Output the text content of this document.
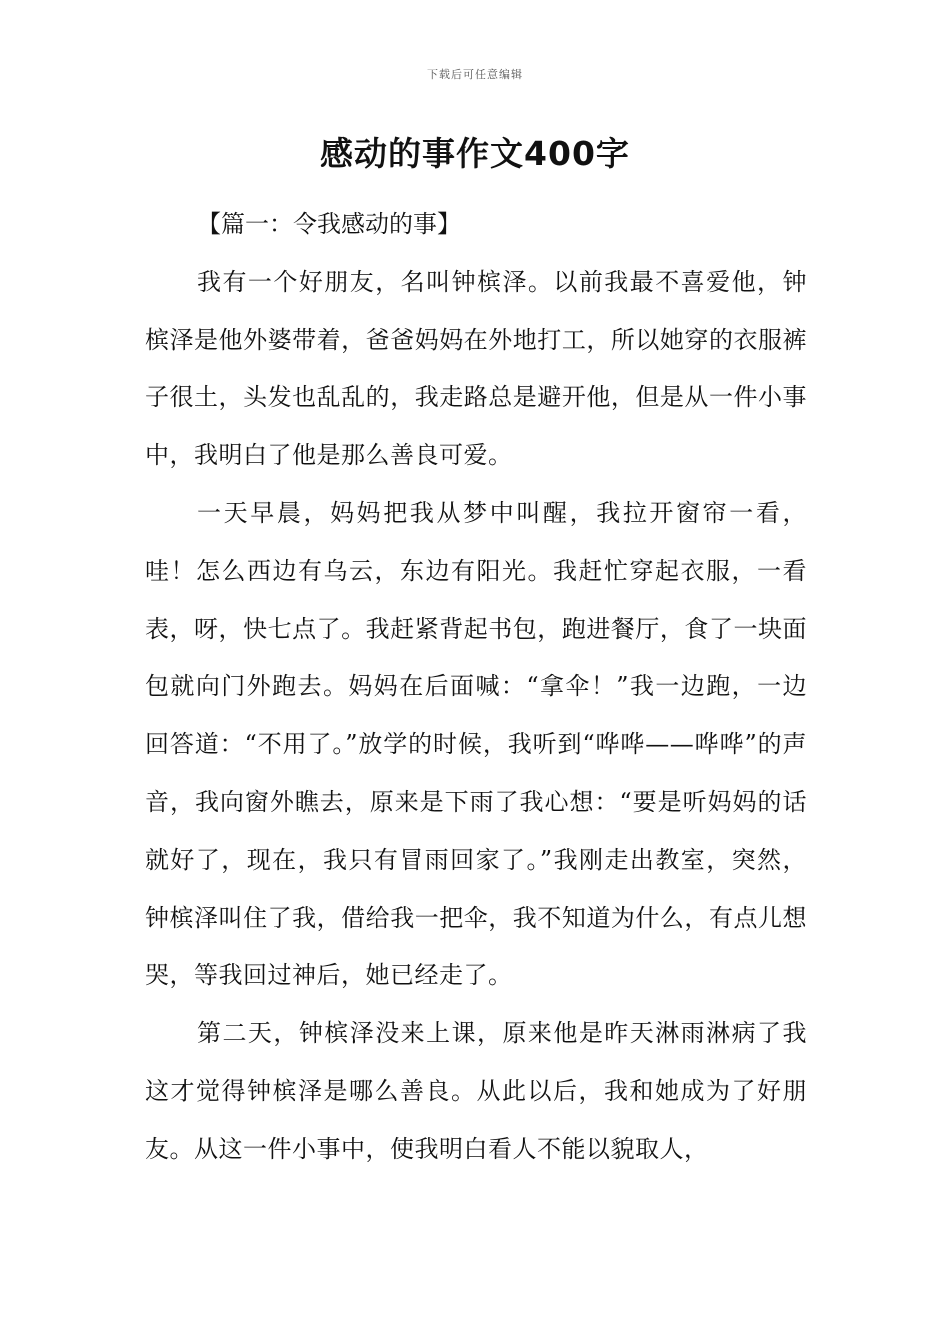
下载后可任意编辑
感动的事作文400字

【篇一：令我感动的事】

我有一个好朋友，名叫钟槟泽。以前我最不喜爱他，钟槟泽是他外婆带着，爸爸妈妈在外地打工，所以她穿的衣服裤子很土，头发也乱乱的，我走路总是避开他，但是从一件小事中，我明白了他是那么善良可爱。

一天早晨，妈妈把我从梦中叫醒，我拉开窗帘一看，哇！怎么西边有乌云，东边有阳光。我赶忙穿起衣服，一看表，呀，快七点了。我赶紧背起书包，跑进餐厅，食了一块面包就向门外跑去。妈妈在后面喊：“拿伞！”我一边跑，一边回答道：“不用了。”放学的时候，我听到“哗哗——哗哗”的声音，我向窗外瞧去，原来是下雨了我心想：“要是听妈妈的话就好了，现在，我只有冒雨回家了。”我刚走出教室，突然，钟槟泽叫住了我，借给我一把伞，我不知道为什么，有点儿想哭，等我回过神后，她已经走了。

第二天，钟槟泽没来上课，原来他是昨天淋雨淋病了我这才觉得钟槟泽是哪么善良。从此以后，我和她成为了好朋友。从这一件小事中，使我明白看人不能以貌取人，
